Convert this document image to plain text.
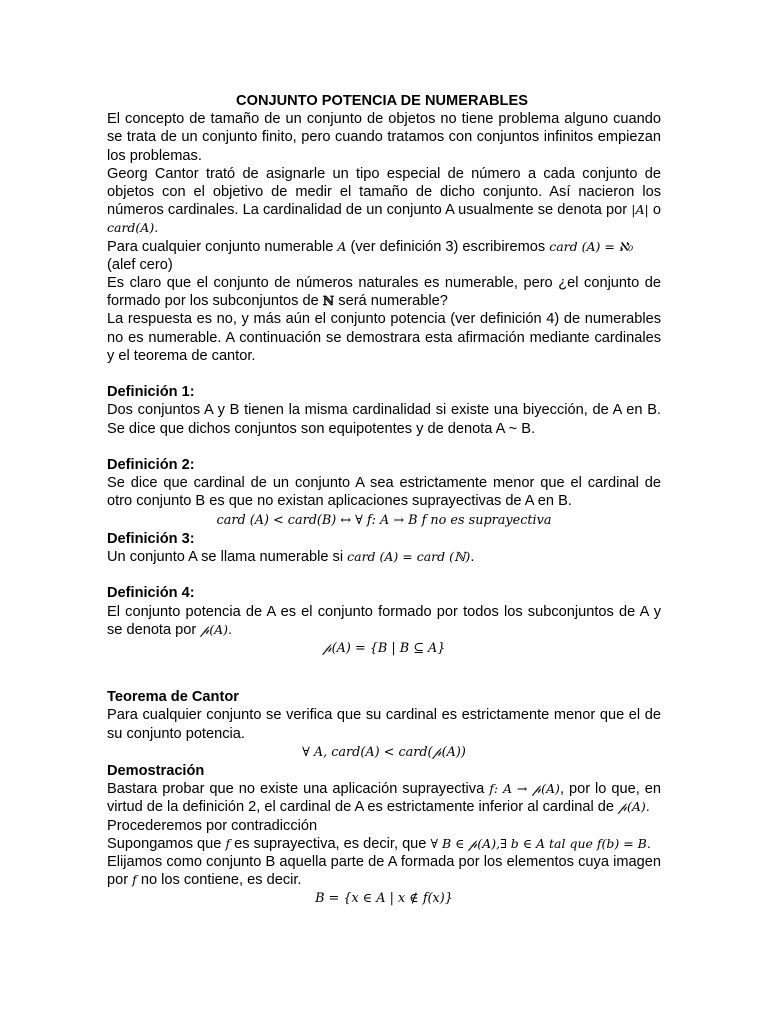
CONJUNTO POTENCIA DE NUMERABLES

El concepto de tamaño de un conjunto de objetos no tiene problema alguno cuando se trata de un conjunto finito, pero cuando tratamos con conjuntos infinitos empiezan los problemas.

Georg Cantor trató de asignarle un tipo especial de número a cada conjunto de objetos con el objetivo de medir el tamaño de dicho conjunto. Así nacieron los números cardinales. La cardinalidad de un conjunto A usualmente se denota por |A| o card(A).

Para cualquier conjunto numerable A (ver definición 3) escribiremos card (A) = ℵ₀

(alef cero)

Es claro que el conjunto de números naturales es numerable, pero ¿el conjunto de formado por los subconjuntos de ℕ será numerable?

La respuesta es no, y más aún el conjunto potencia (ver definición 4) de numerables no es numerable. A continuación se demostrara esta afirmación mediante cardinales y el teorema de cantor.

Definición 1:

Dos conjuntos A y B tienen la misma cardinalidad si existe una biyección, de A en B. Se dice que dichos conjuntos son equipotentes y de denota A ~ B.

Definición 2:

Se dice que cardinal de un conjunto A sea estrictamente menor que el cardinal de otro conjunto B es que no existan aplicaciones suprayectivas de A en B.

card (A) < card(B) ↔ ∀ f: A → B f no es suprayectiva

Definición 3:

Un conjunto A se llama numerable si card (A) = card (ℕ).

Definición 4:

El conjunto potencia de A es el conjunto formado por todos los subconjuntos de A y se denota por 𝓅(A).

𝓅(A) = {B | B ⊆ A}

Teorema de Cantor

Para cualquier conjunto se verifica que su cardinal es estrictamente menor que el de su conjunto potencia.

∀ A, card(A) < card(𝓅(A))

Demostración

Bastara probar que no existe una aplicación suprayectiva f: A → 𝓅(A), por lo que, en virtud de la definición 2, el cardinal de A es estrictamente inferior al cardinal de 𝓅(A).

Procederemos por contradicción

Supongamos que f es suprayectiva, es decir, que ∀ B ∈ 𝓅(A),∃ b ∈ A tal que f(b) = B.

Elijamos como conjunto B aquella parte de A formada por los elementos cuya imagen por f no los contiene, es decir.

B = {x ∈ A | x ∉ f(x)}
